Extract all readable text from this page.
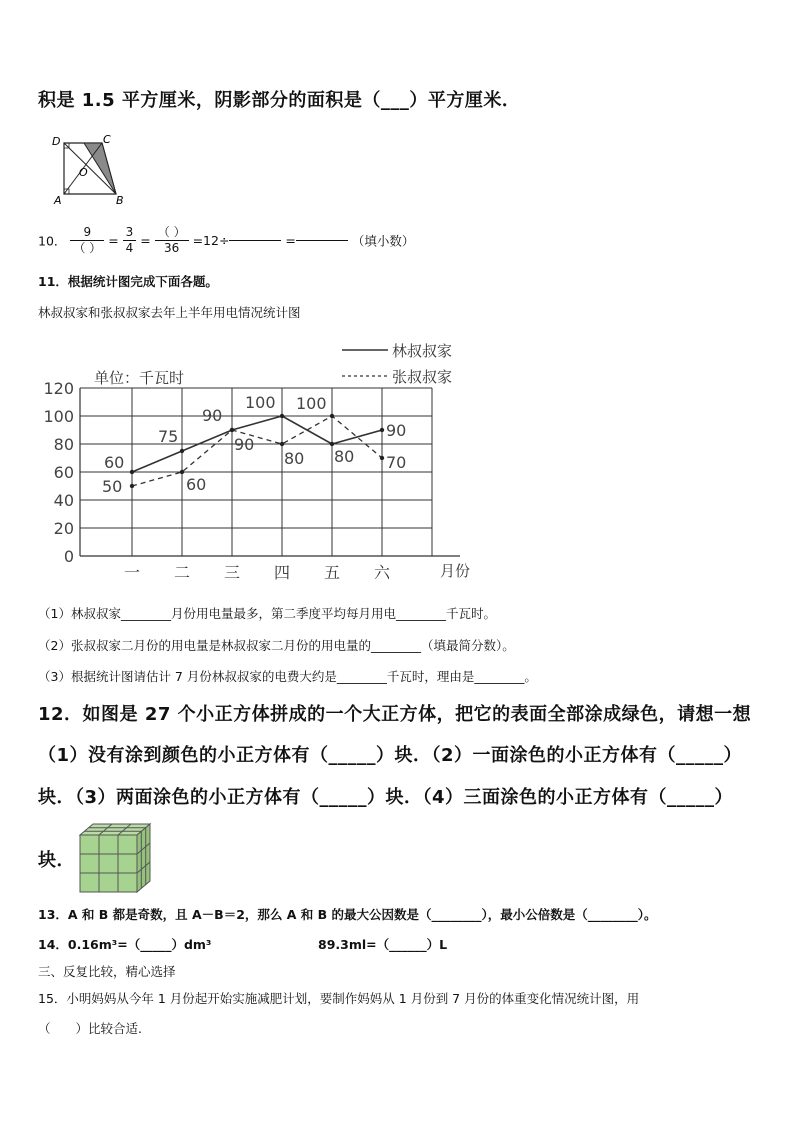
积是 1.5 平方厘米，阴影部分的面积是（___）平方厘米．
D	C
O
A	B
10． $\frac{9}{( )} = \frac{3}{4} = \frac{( )}{36} =12\div$	=	（填小数）
11．根据统计图完成下面各题。
林叔叔家和张叔叔家去年上半年用电情况统计图
0
20
40
60
80
100
120
一 二 三 四 五 六
60
75
90
100
80
90
50	60
90
80
100
70
单位：千瓦时
月份
林叔叔家
张叔叔家
（1）林叔叔家________月份用电量最多，第二季度平均每月用电________千瓦时。
（2）张叔叔家二月份的用电量是林叔叔家二月份的用电量的________（填最简分数）。
（3）根据统计图请估计 7 月份林叔叔家的电费大约是________千瓦时，理由是________。
12．如图是 27 个小正方体拼成的一个大正方体，把它的表面全部涂成绿色，请想一想
（1）没有涂到颜色的小正方体有（_____）块．（2）一面涂色的小正方体有（_____）
块．（3）两面涂色的小正方体有（_____）块．（4）三面涂色的小正方体有（_____）
块．
13．A 和 B 都是奇数，且 A－B＝2，那么 A 和 B 的最大公因数是（________），最小公倍数是（________）。
14．0.16m³=（_____）dm³	89.3ml=（______）L
三、反复比较，精心选择
15．小明妈妈从今年 1 月份起开始实施减肥计划，要制作妈妈从 1 月份到 7 月份的体重变化情况统计图，用
（　　）比较合适.
